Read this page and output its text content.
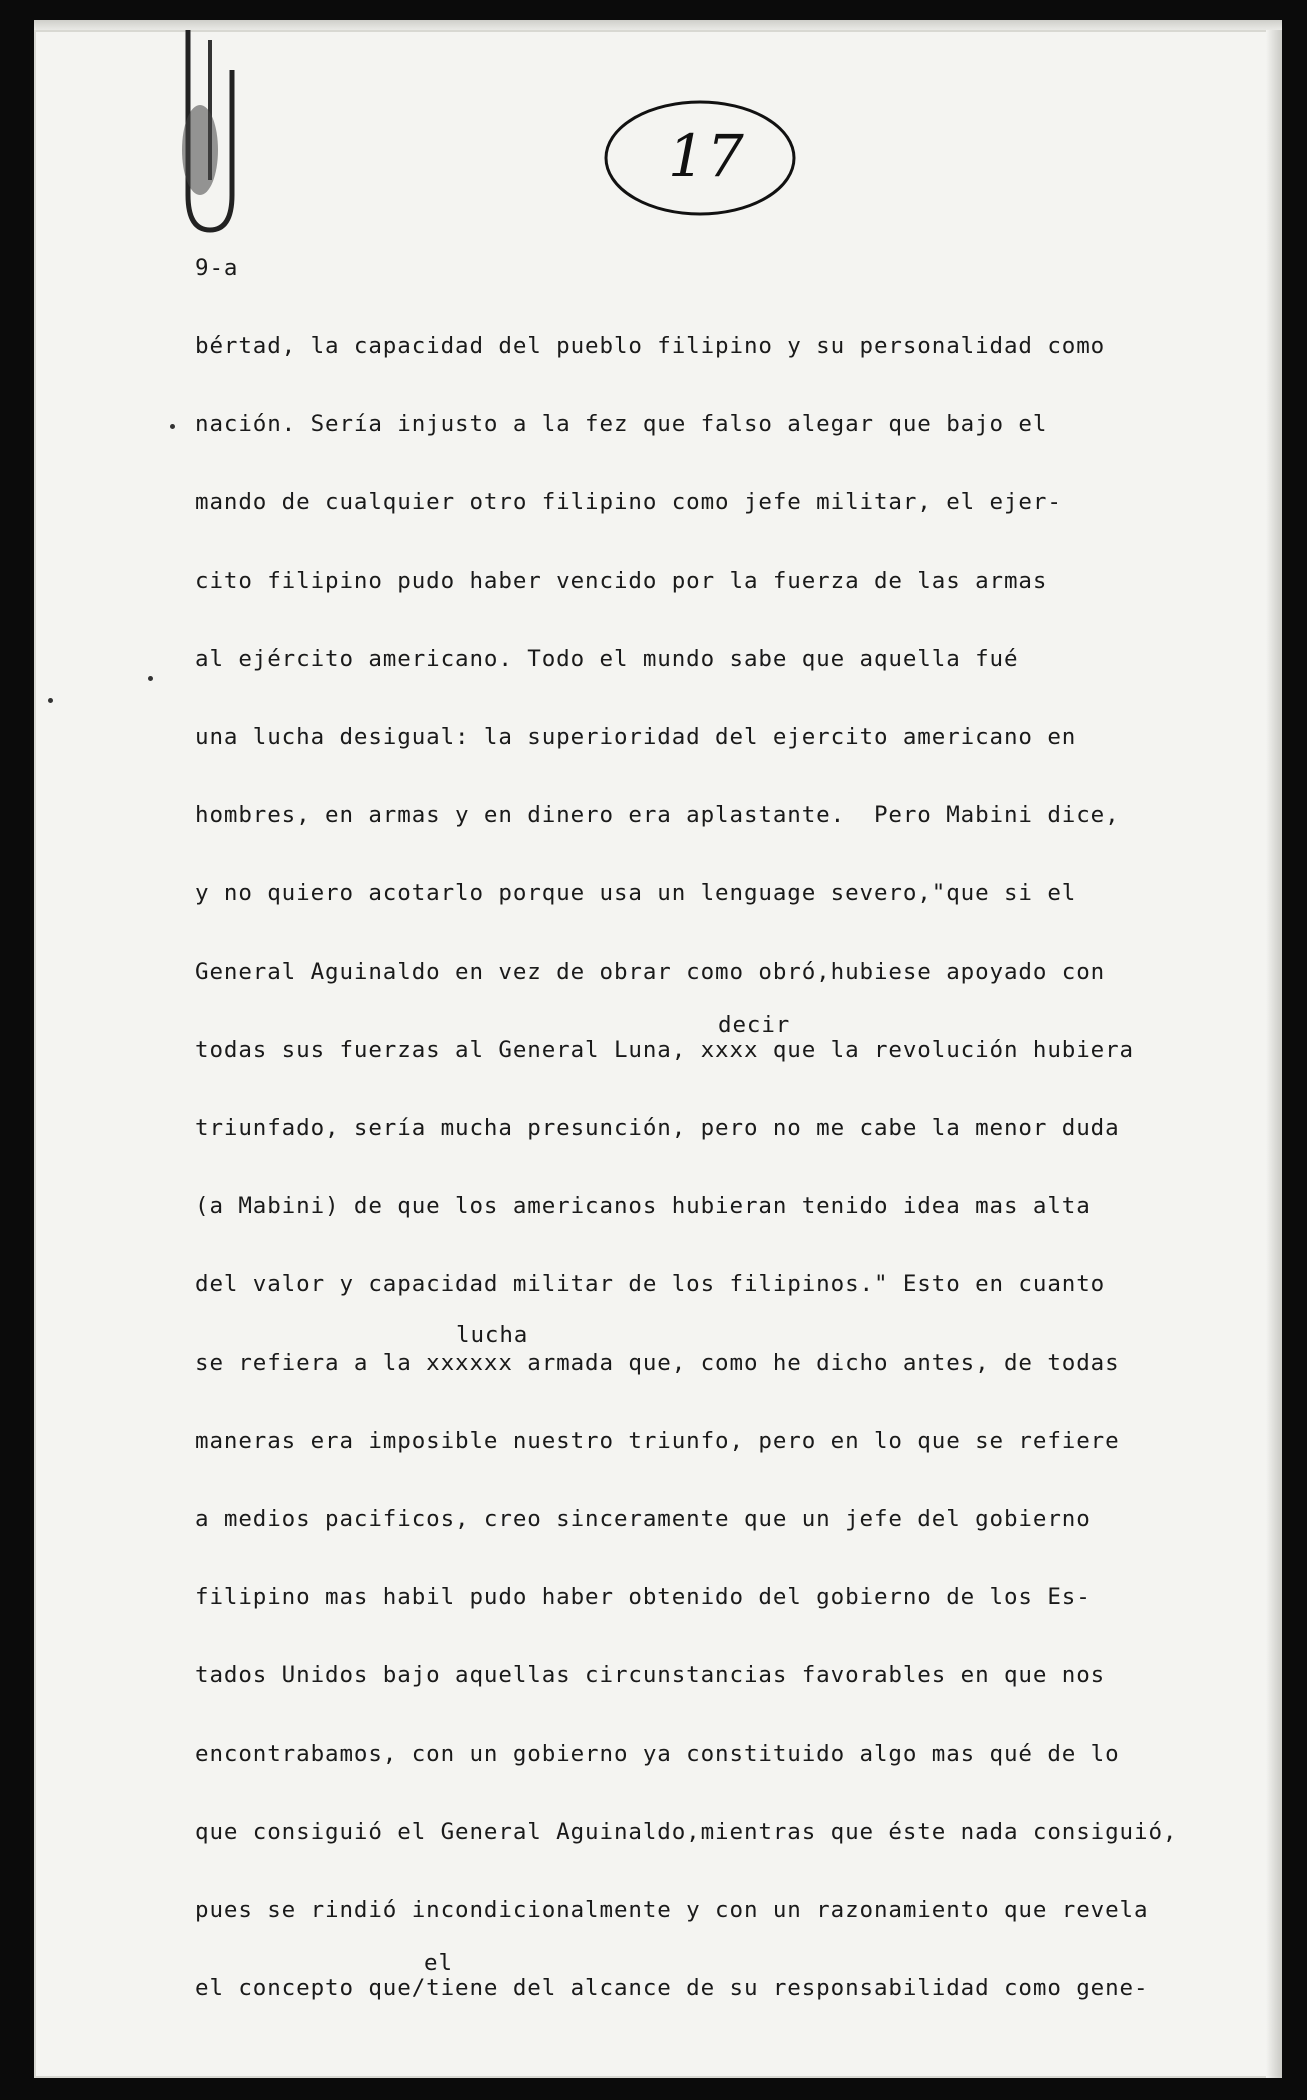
17
9-a
bértad, la capacidad del pueblo filipino y su personalidad como
nación. Sería injusto a la fez que falso alegar que bajo el
mando de cualquier otro filipino como jefe militar, el ejer-
cito filipino pudo haber vencido por la fuerza de las armas
al ejército americano. Todo el mundo sabe que aquella fué
una lucha desigual: la superioridad del ejercito americano en
hombres, en armas y en dinero era aplastante.  Pero Mabini dice,
y no quiero acotarlo porque usa un lenguage severo,"que si el
General Aguinaldo en vez de obrar como obró,hubiese apoyado con
todas sus fuerzas al General Luna, xxxx que la revolución hubiera
triunfado, sería mucha presunción, pero no me cabe la menor duda
(a Mabini) de que los americanos hubieran tenido idea mas alta
del valor y capacidad militar de los filipinos." Esto en cuanto
se refiera a la xxxxxx armada que, como he dicho antes, de todas
maneras era imposible nuestro triunfo, pero en lo que se refiere
a medios pacificos, creo sinceramente que un jefe del gobierno
filipino mas habil pudo haber obtenido del gobierno de los Es-
tados Unidos bajo aquellas circunstancias favorables en que nos
encontrabamos, con un gobierno ya constituido algo mas qué de lo
que consiguió el General Aguinaldo,mientras que éste nada consiguió,
pues se rindió incondicionalmente y con un razonamiento que revela
el concepto que/tiene del alcance de su responsabilidad como gene-
decir
lucha
el
